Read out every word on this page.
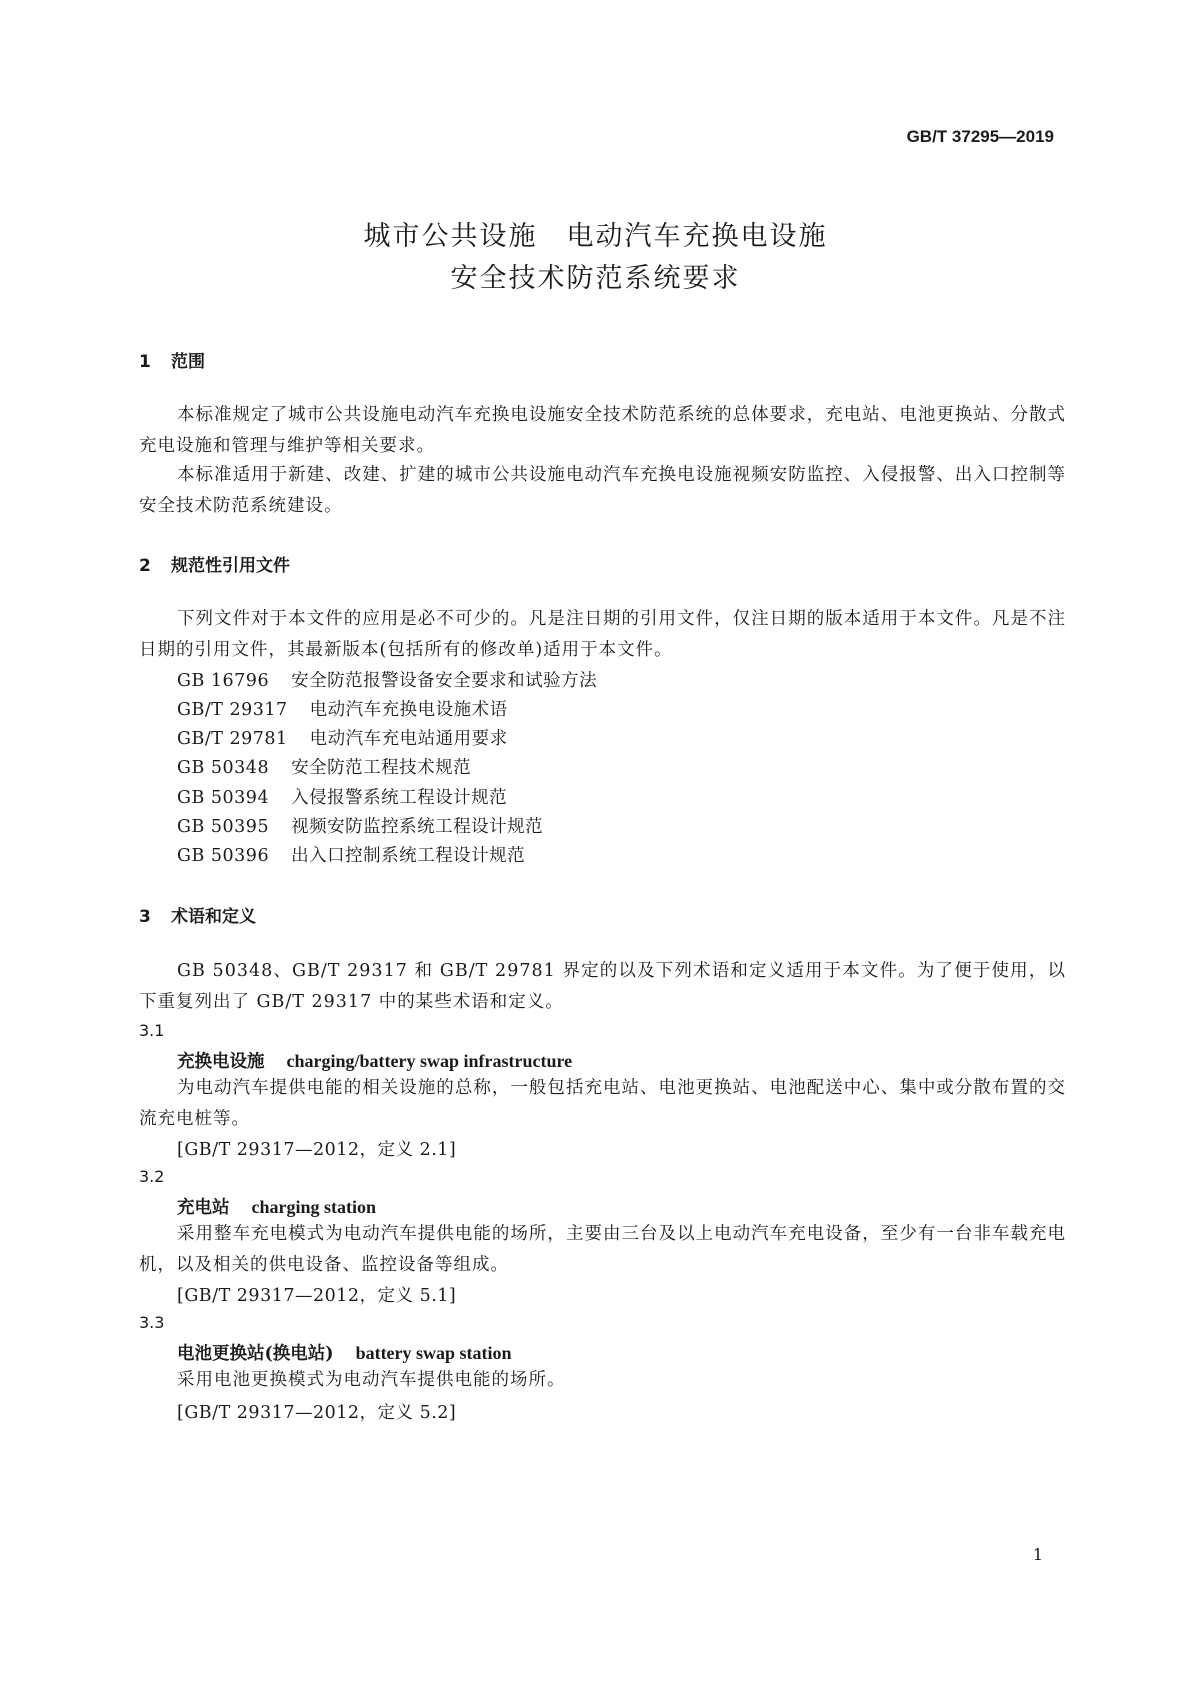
GB/T 37295—2019
城市公共设施　电动汽车充换电设施
安全技术防范系统要求
1 范围
本标准规定了城市公共设施电动汽车充换电设施安全技术防范系统的总体要求，充电站、电池更换站、分散式充电设施和管理与维护等相关要求。
本标准适用于新建、改建、扩建的城市公共设施电动汽车充换电设施视频安防监控、入侵报警、出入口控制等安全技术防范系统建设。
2 规范性引用文件
下列文件对于本文件的应用是必不可少的。凡是注日期的引用文件，仅注日期的版本适用于本文件。凡是不注日期的引用文件，其最新版本(包括所有的修改单)适用于本文件。
GB 16796 安全防范报警设备安全要求和试验方法
GB/T 29317 电动汽车充换电设施术语
GB/T 29781 电动汽车充电站通用要求
GB 50348 安全防范工程技术规范
GB 50394 入侵报警系统工程设计规范
GB 50395 视频安防监控系统工程设计规范
GB 50396 出入口控制系统工程设计规范
3 术语和定义
GB 50348、GB/T 29317 和 GB/T 29781 界定的以及下列术语和定义适用于本文件。为了便于使用，以下重复列出了 GB/T 29317 中的某些术语和定义。
3.1
充换电设施 charging/battery swap infrastructure
为电动汽车提供电能的相关设施的总称，一般包括充电站、电池更换站、电池配送中心、集中或分散布置的交流充电桩等。
[GB/T 29317—2012，定义 2.1]
3.2
充电站 charging station
采用整车充电模式为电动汽车提供电能的场所，主要由三台及以上电动汽车充电设备，至少有一台非车载充电机，以及相关的供电设备、监控设备等组成。
[GB/T 29317—2012，定义 5.1]
3.3
电池更换站(换电站) battery swap station
采用电池更换模式为电动汽车提供电能的场所。
[GB/T 29317—2012，定义 5.2]
1
